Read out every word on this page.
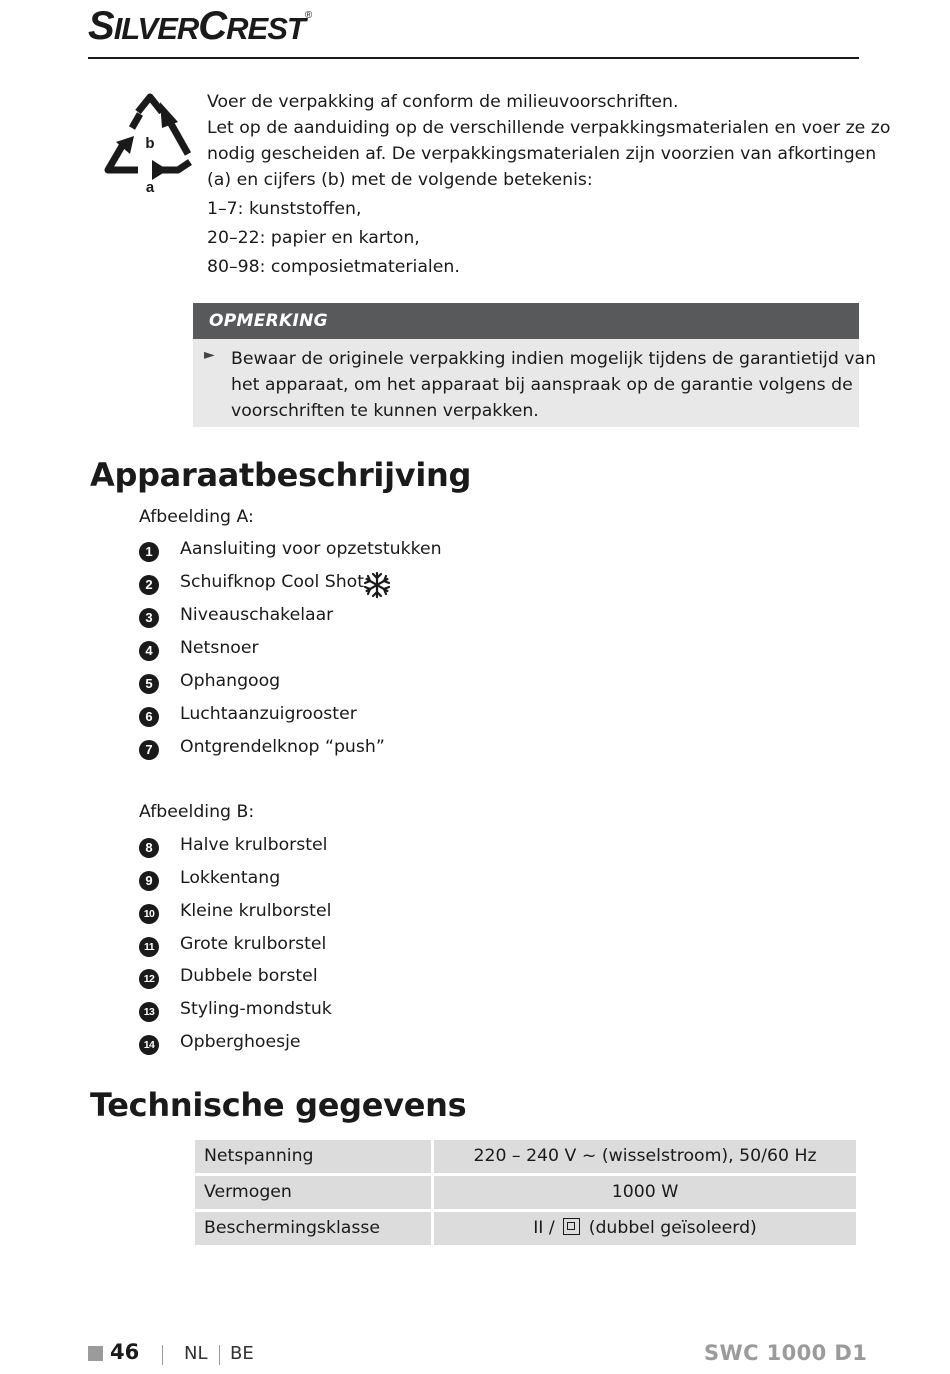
SILVERCREST®
b
a
Voer de verpakking af conform de milieuvoorschriften.
Let op de aanduiding op de verschillende verpakkingsmaterialen en voer ze zo
nodig gescheiden af. De verpakkingsmaterialen zijn voorzien van afkortingen
(a) en cijfers (b) met de volgende betekenis:
1–7: kunststoffen,
20–22: papier en karton,
80–98: composietmaterialen.
OPMERKING
► Bewaar de originele verpakking indien mogelijk tijdens de garantietijd van
het apparaat, om het apparaat bij aanspraak op de garantie volgens de
voorschriften te kunnen verpakken.
Apparaatbeschrijving
Afbeelding A:
1	Aansluiting voor opzetstukken
2	Schuifknop Cool Shot
3	Niveauschakelaar
4	Netsnoer
5	Ophangoog
6	Luchtaanzuigrooster
7	Ontgrendelknop “push”
Afbeelding B:
8	Halve krulborstel
9	Lokkentang
10 Kleine krulborstel
11 Grote krulborstel
12 Dubbele borstel
13 Styling-mondstuk
14 Opberghoesje
Technische gegevens
Netspanning	220 – 240 V ~ (wisselstroom), 50/60 Hz
Vermogen	1000 W
Beschermingsklasse	II / (dubbel geïsoleerd)
46 NL BE	SWC 1000 D1
